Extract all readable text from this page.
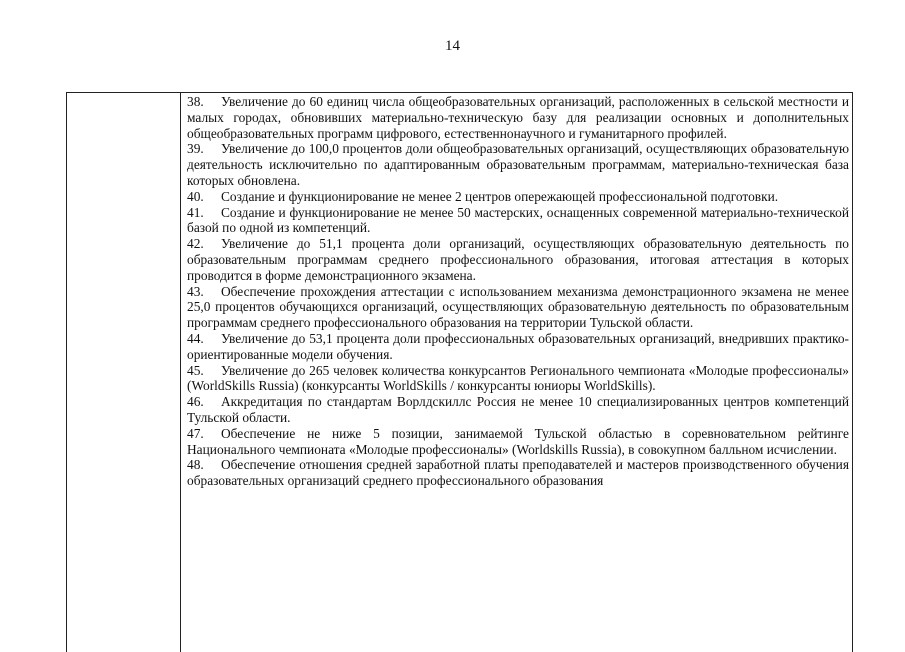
14

38. Увеличение до 60 единиц числа общеобразовательных организаций, расположенных в сельской местности и малых городах, обновивших материально-техническую базу для реализации основных и дополнительных общеобразовательных программ цифрового, естественнонаучного и гуманитарного профилей.

39. Увеличение до 100,0 процентов доли общеобразовательных организаций, осуществляющих образовательную деятельность исключительно по адаптированным образовательным программам, материально-техническая база которых обновлена.

40. Создание и функционирование не менее 2 центров опережающей профессиональной подготовки.

41. Создание и функционирование не менее 50 мастерских, оснащенных современной материально-технической базой по одной из компетенций.

42. Увеличение до 51,1 процента доли организаций, осуществляющих образовательную деятельность по образовательным программам среднего профессионального образования, итоговая аттестация в которых проводится в форме демонстрационного экзамена.

43. Обеспечение прохождения аттестации с использованием механизма демонстрационного экзамена не менее 25,0 процентов обучающихся организаций, осуществляющих образовательную деятельность по образовательным программам среднего профессионального образования на территории Тульской области.

44. Увеличение до 53,1 процента доли профессиональных образовательных организаций, внедривших практико-ориентированные модели обучения.

45. Увеличение до 265 человек количества конкурсантов Регионального чемпионата «Молодые профессионалы» (WorldSkills Russia) (конкурсанты WorldSkills / конкурсанты юниоры WorldSkills).

46. Аккредитация по стандартам Ворлдскиллс Россия не менее 10 специализированных центров компетенций Тульской области.

47. Обеспечение не ниже 5 позиции, занимаемой Тульской областью в соревновательном рейтинге Национального чемпионата «Молодые профессионалы» (Worldskills Russia), в совокупном балльном исчислении.

48. Обеспечение отношения средней заработной платы преподавателей и мастеров производственного обучения образовательных организаций среднего профессионального образования
